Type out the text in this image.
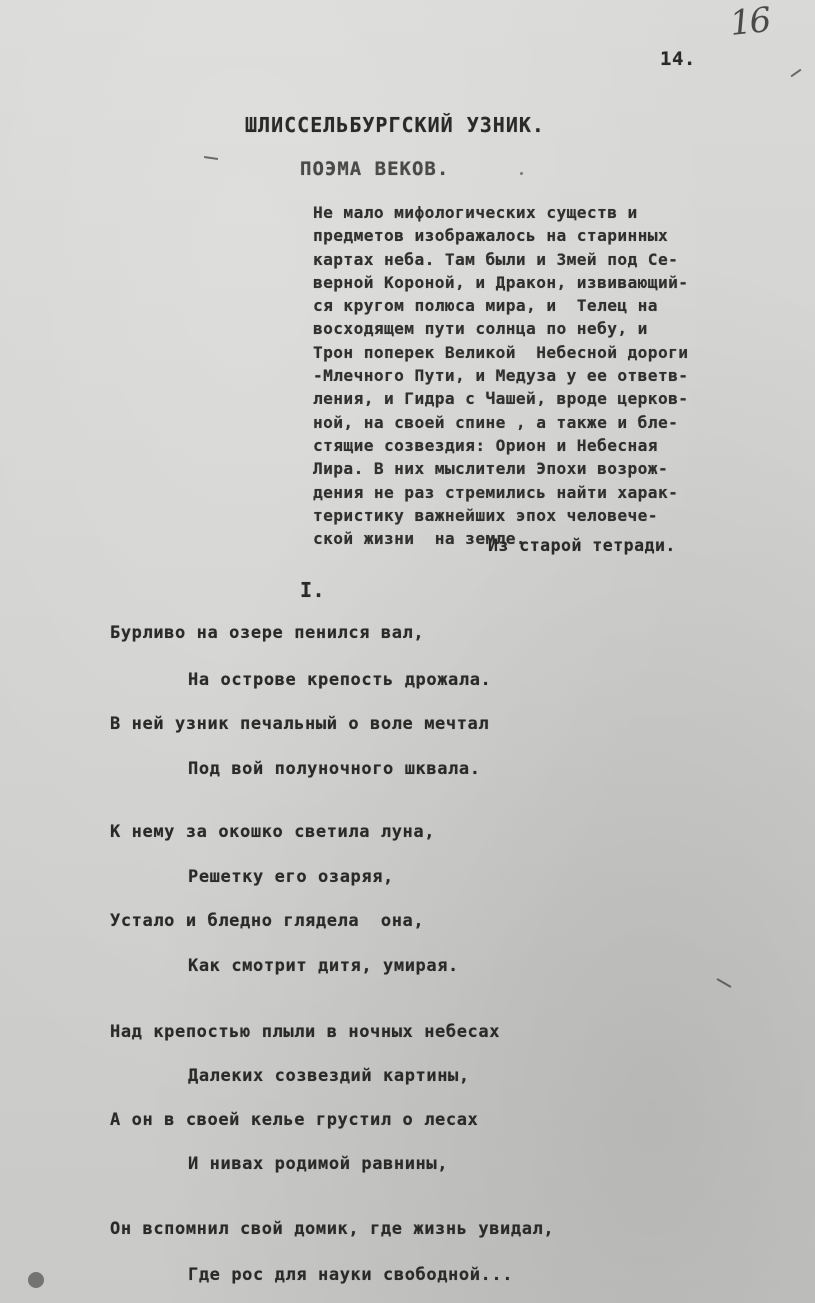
16
14.
ШЛИССЕЛЬБУРГСКИЙ УЗНИК.
ПОЭМА ВЕКОВ.
Не мало мифологических существ и
предметов изображалось на старинных
картах неба. Там были и Змей под Се-
верной Короной, и Дракон, извивающий-
ся кругом полюса мира, и  Телец на
восходящем пути солнца по небу, и
Трон поперек Великой  Небесной дороги
-Млечного Пути, и Медуза у ее ответв-
ления, и Гидра с Чашей, вроде церков-
ной, на своей спине , а также и бле-
стящие созвездия: Орион и Небесная
Лира. В них мыслители Эпохи возрож-
дения не раз стремились найти харак-
теристику важнейших эпох человече-
ской жизни  на земле.
Из старой тетради.
I.
Бурливо на озере пенился вал,
На острове крепость дрожала.
В ней узник печальный о воле мечтал
Под вой полуночного шквала.
К нему за окошко светила луна,
Решетку его озаряя,
Устало и бледно глядела  она,
Как смотрит дитя, умирая.
Над крепостью плыли в ночных небесах
Далеких созвездий картины,
А он в своей келье грустил о лесах
И нивах родимой равнины,
Он вспомнил свой домик, где жизнь увидал,
Где рос для науки свободной...
